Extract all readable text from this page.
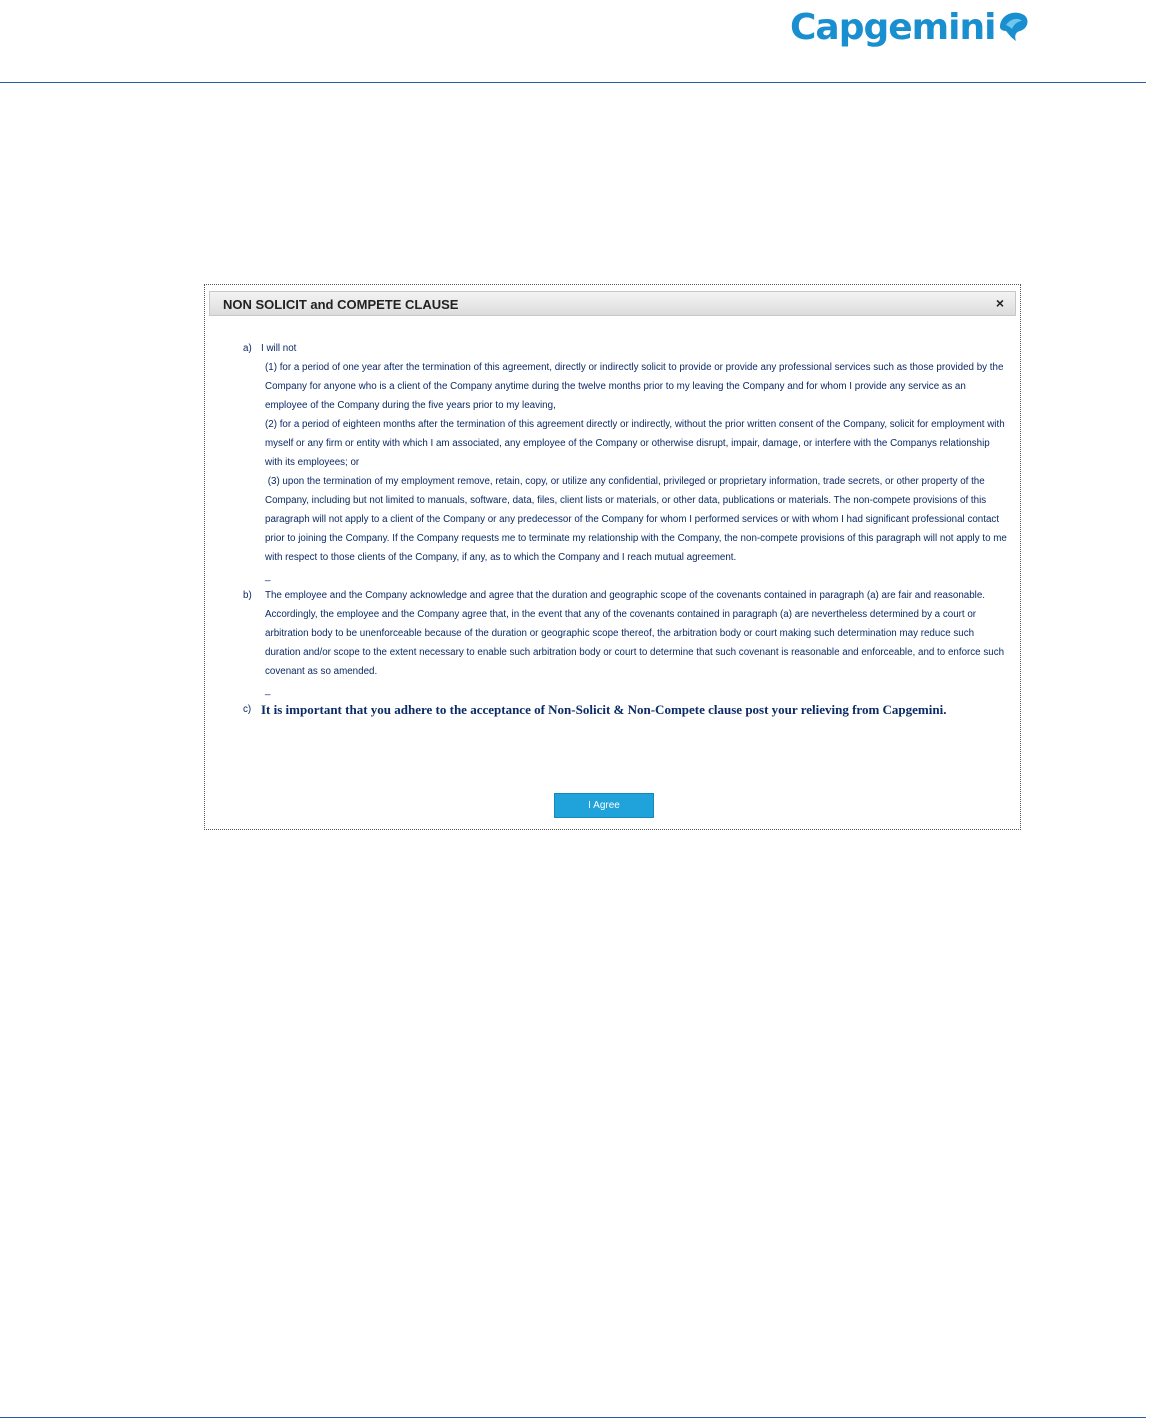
Capgemini
NON SOLICIT and COMPETE CLAUSE	×
a) I will not
(1) for a period of one year after the termination of this agreement, directly or indirectly solicit to provide or provide any professional services such as those provided by the Company for anyone who is a client of the Company anytime during the twelve months prior to my leaving the Company and for whom I provide any service as an employee of the Company during the five years prior to my leaving,
(2) for a period of eighteen months after the termination of this agreement directly or indirectly, without the prior written consent of the Company, solicit for employment with myself or any firm or entity with which I am associated, any employee of the Company or otherwise disrupt, impair, damage, or interfere with the Companys relationship with its employees; or
(3) upon the termination of my employment remove, retain, copy, or utilize any confidential, privileged or proprietary information, trade secrets, or other property of the Company, including but not limited to manuals, software, data, files, client lists or materials, or other data, publications or materials. The non-compete provisions of this paragraph will not apply to a client of the Company or any predecessor of the Company for whom I performed services or with whom I had significant professional contact prior to joining the Company. If the Company requests me to terminate my relationship with the Company, the non-compete provisions of this paragraph will not apply to me with respect to those clients of the Company, if any, as to which the Company and I reach mutual agreement.
_
b) The employee and the Company acknowledge and agree that the duration and geographic scope of the covenants contained in paragraph (a) are fair and reasonable. Accordingly, the employee and the Company agree that, in the event that any of the covenants contained in paragraph (a) are nevertheless determined by a court or arbitration body to be unenforceable because of the duration or geographic scope thereof, the arbitration body or court making such determination may reduce such duration and/or scope to the extent necessary to enable such arbitration body or court to determine that such covenant is reasonable and enforceable, and to enforce such covenant as so amended.
_
c) It is important that you adhere to the acceptance of Non-Solicit & Non-Compete clause post your relieving from Capgemini.
I Agree
